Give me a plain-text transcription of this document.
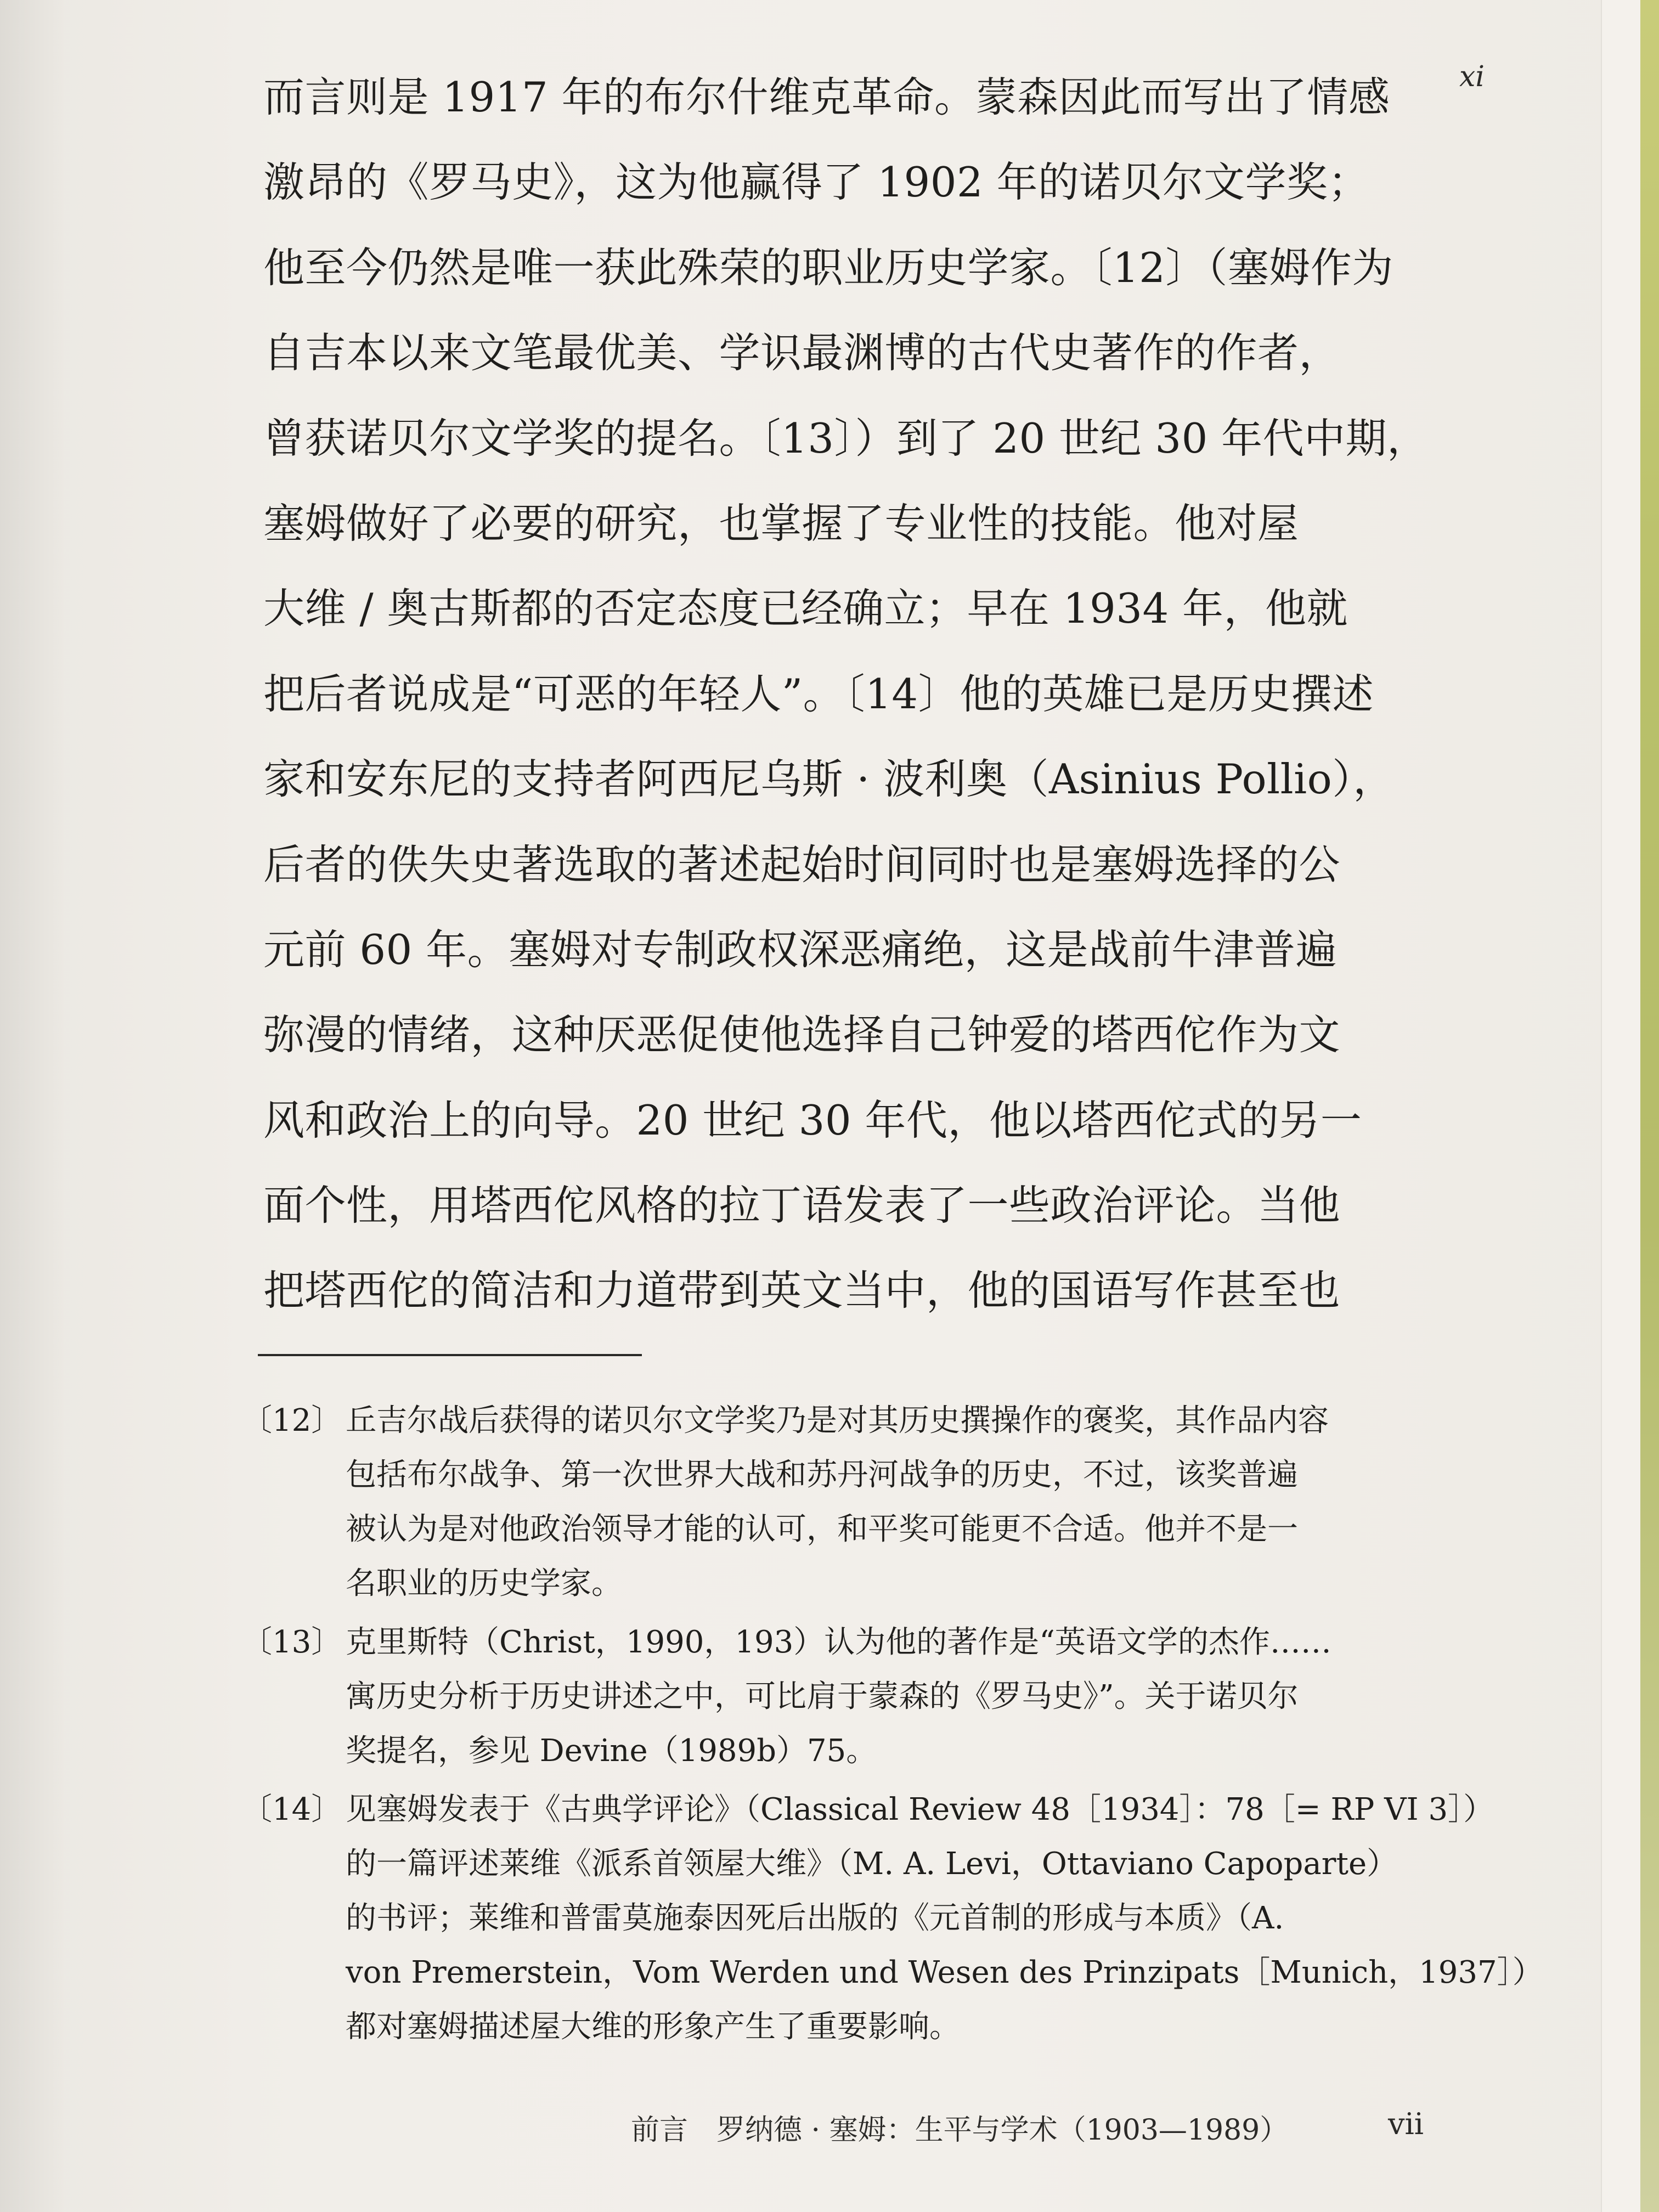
xi
而言则是 1917 年的布尔什维克革命。蒙森因此而写出了情感
激昂的《罗马史》，这为他赢得了 1902 年的诺贝尔文学奖；
他至今仍然是唯一获此殊荣的职业历史学家。〔12〕（塞姆作为
自吉本以来文笔最优美、学识最渊博的古代史著作的作者，
曾获诺贝尔文学奖的提名。〔13〕）到了 20 世纪 30 年代中期，
塞姆做好了必要的研究，也掌握了专业性的技能。他对屋
大维 / 奥古斯都的否定态度已经确立；早在 1934 年，他就
把后者说成是“可恶的年轻人”。〔14〕他的英雄已是历史撰述
家和安东尼的支持者阿西尼乌斯 · 波利奥（Asinius Pollio），
后者的佚失史著选取的著述起始时间同时也是塞姆选择的公
元前 60 年。塞姆对专制政权深恶痛绝，这是战前牛津普遍
弥漫的情绪，这种厌恶促使他选择自己钟爱的塔西佗作为文
风和政治上的向导。20 世纪 30 年代，他以塔西佗式的另一
面个性，用塔西佗风格的拉丁语发表了一些政治评论。当他
把塔西佗的简洁和力道带到英文当中，他的国语写作甚至也
〔12〕 丘吉尔战后获得的诺贝尔文学奖乃是对其历史撰操作的褒奖，其作品内容
包括布尔战争、第一次世界大战和苏丹河战争的历史，不过，该奖普遍
被认为是对他政治领导才能的认可，和平奖可能更不合适。他并不是一
名职业的历史学家。
〔13〕 克里斯特（Christ，1990，193）认为他的著作是“英语文学的杰作……
寓历史分析于历史讲述之中，可比肩于蒙森的《罗马史》”。关于诺贝尔
奖提名，参见 Devine（1989b）75。
〔14〕 见塞姆发表于《古典学评论》（Classical Review 48［1934］：78［= RP VI 3］）
的一篇评述莱维《派系首领屋大维》（M. A. Levi，Ottaviano Capoparte）
的书评；莱维和普雷莫施泰因死后出版的《元首制的形成与本质》（A.
von Premerstein，Vom Werden und Wesen des Prinzipats［Munich，1937］）
都对塞姆描述屋大维的形象产生了重要影响。
前言　罗纳德 · 塞姆：生平与学术（1903—1989）	vii
